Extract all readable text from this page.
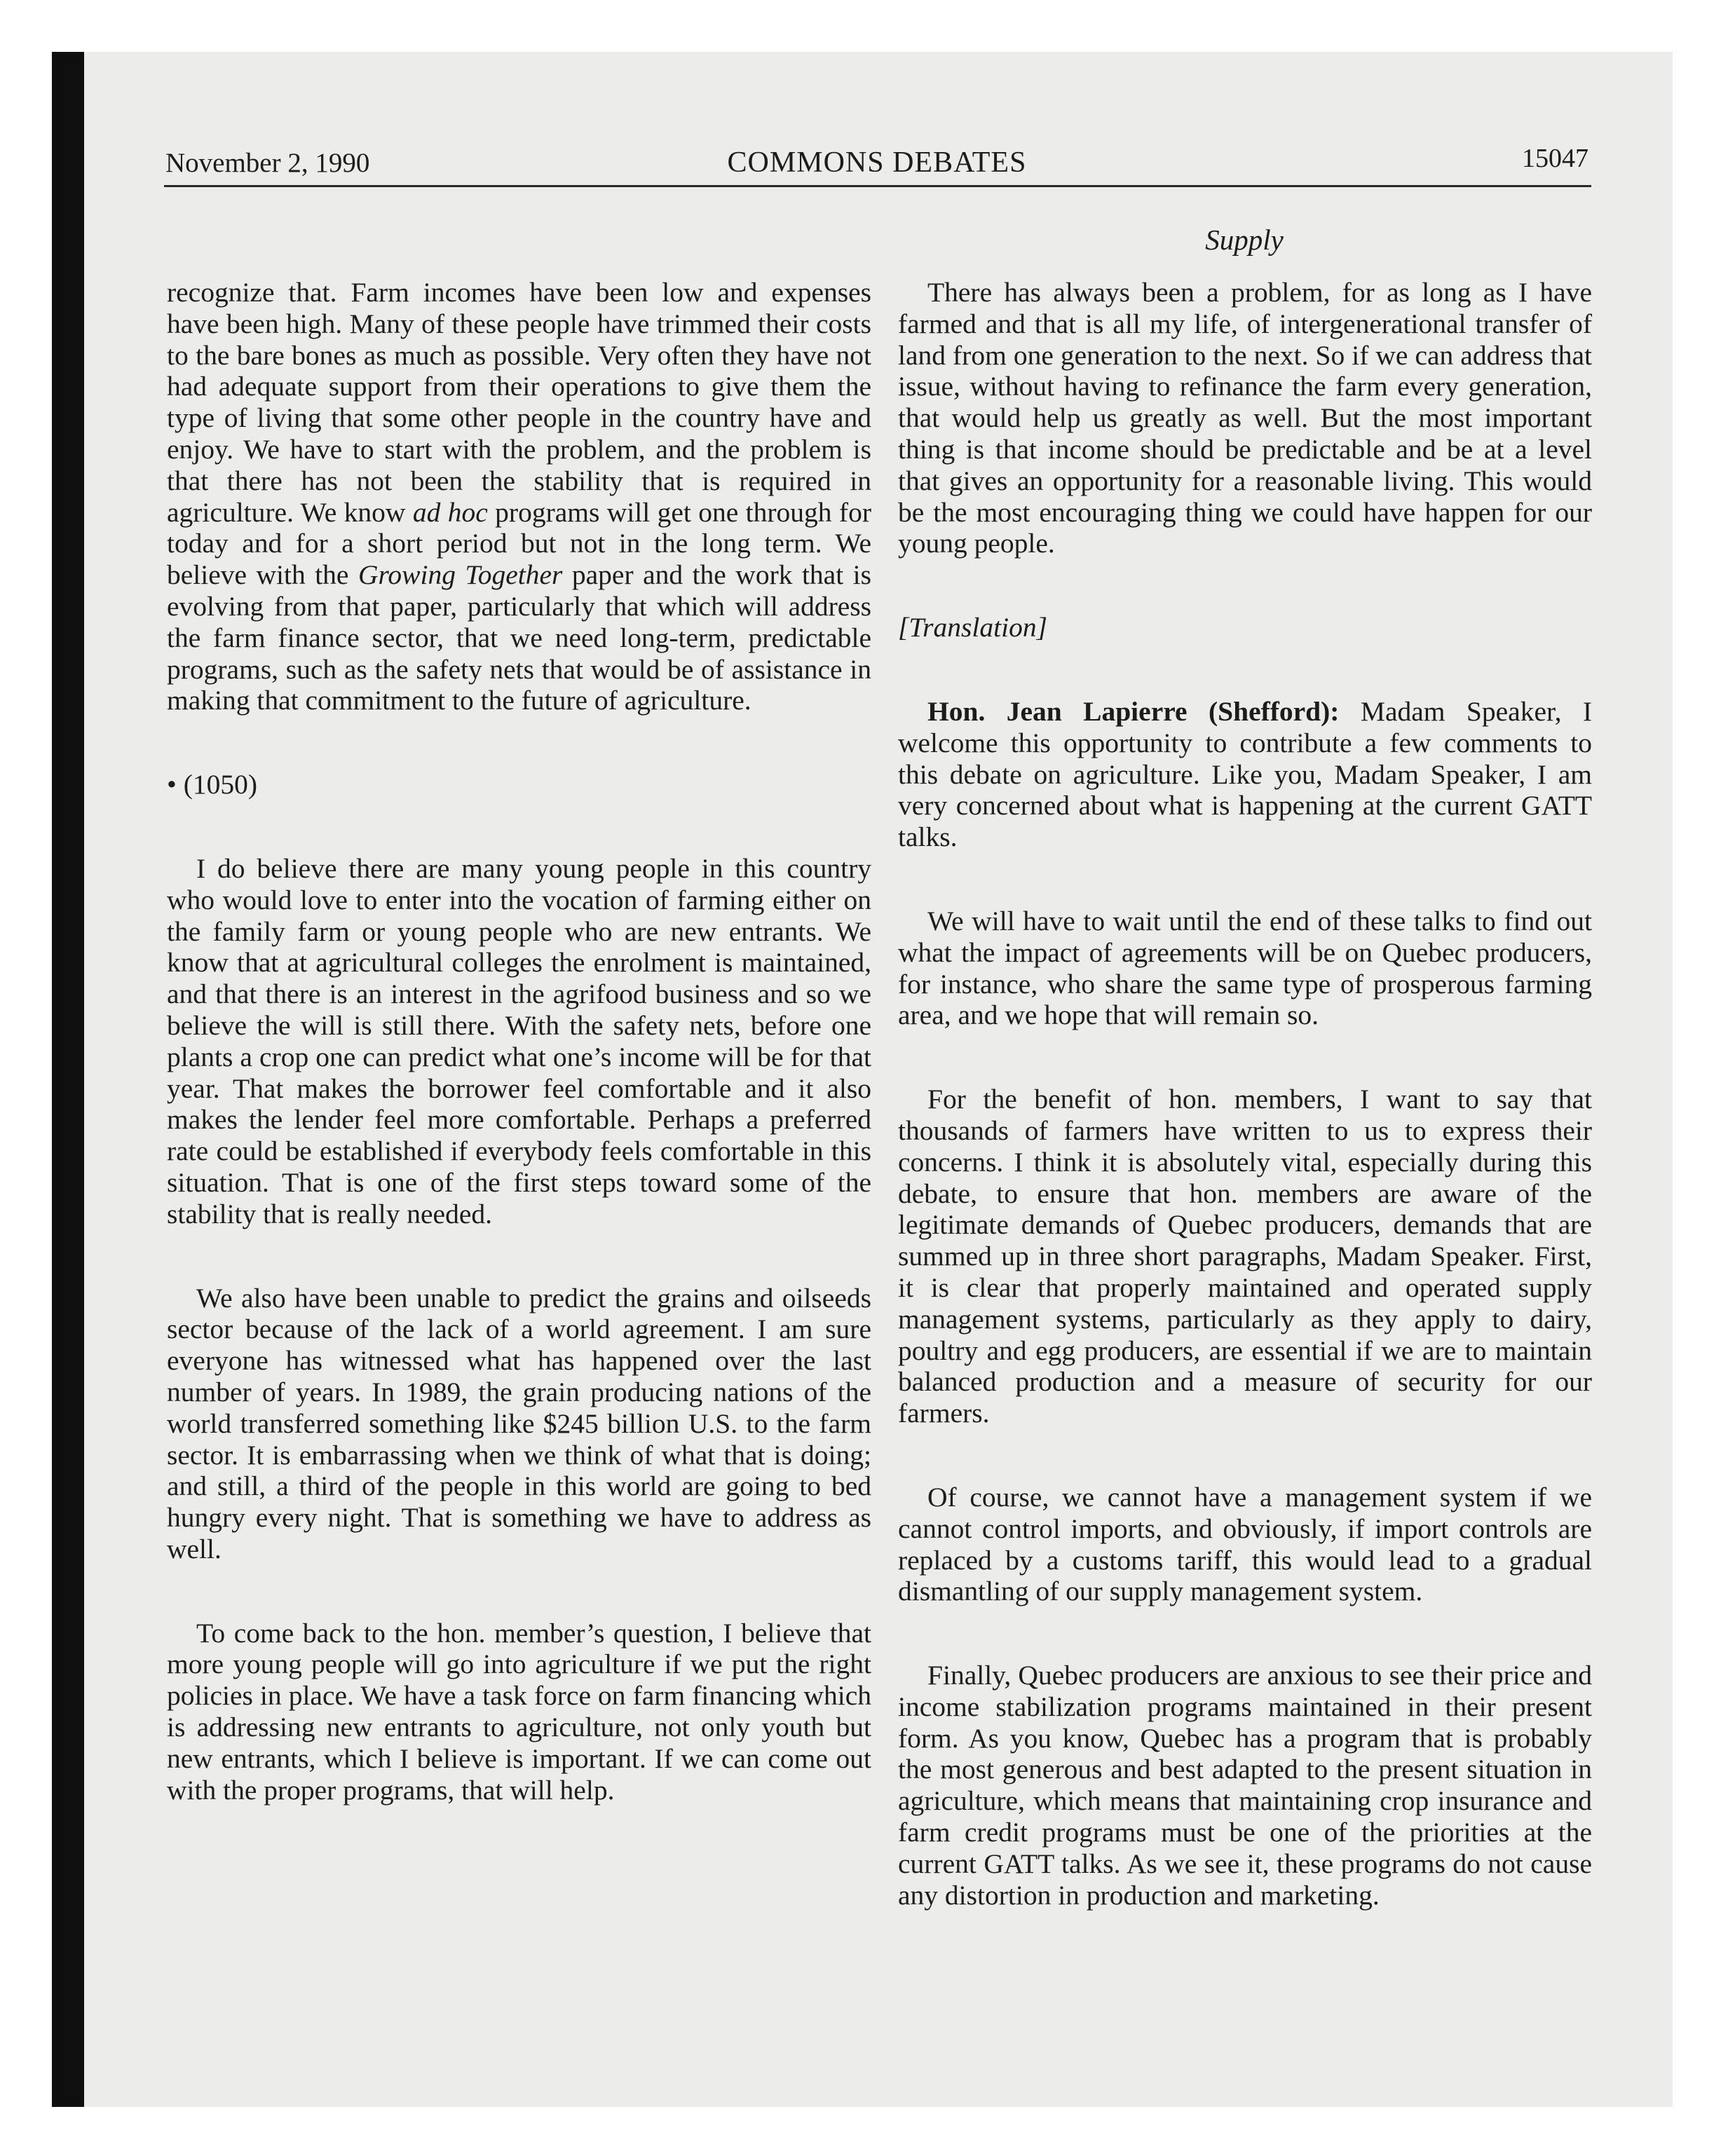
November 2, 1990	COMMONS DEBATES	15047
Supply

recognize that. Farm incomes have been low and expenses have been high. Many of these people have trimmed their costs to the bare bones as much as possible. Very often they have not had adequate support from their operations to give them the type of living that some other people in the country have and enjoy. We have to start with the problem, and the problem is that there has not been the stability that is required in agriculture. We know ad hoc programs will get one through for today and for a short period but not in the long term. We believe with the Growing Together paper and the work that is evolving from that paper, particularly that which will address the farm finance sector, that we need long-term, predictable programs, such as the safety nets that would be of assistance in making that commitment to the future of agriculture.

• (1050)

I do believe there are many young people in this country who would love to enter into the vocation of farming either on the family farm or young people who are new entrants. We know that at agricultural colleges the enrolment is maintained, and that there is an interest in the agrifood business and so we believe the will is still there. With the safety nets, before one plants a crop one can predict what one’s income will be for that year. That makes the borrower feel comfortable and it also makes the lender feel more comfortable. Perhaps a preferred rate could be established if everybody feels comfortable in this situation. That is one of the first steps toward some of the stability that is really needed.

We also have been unable to predict the grains and oilseeds sector because of the lack of a world agreement. I am sure everyone has witnessed what has happened over the last number of years. In 1989, the grain producing nations of the world transferred something like $245 billion U.S. to the farm sector. It is embarrassing when we think of what that is doing; and still, a third of the people in this world are going to bed hungry every night. That is something we have to address as well.

To come back to the hon. member’s question, I believe that more young people will go into agriculture if we put the right policies in place. We have a task force on farm financing which is addressing new entrants to agriculture, not only youth but new entrants, which I believe is important. If we can come out with the proper programs, that will help.

There has always been a problem, for as long as I have farmed and that is all my life, of intergenerational transfer of land from one generation to the next. So if we can address that issue, without having to refinance the farm every generation, that would help us greatly as well. But the most important thing is that income should be predictable and be at a level that gives an opportunity for a reasonable living. This would be the most encouraging thing we could have happen for our young people.

[Translation]

Hon. Jean Lapierre (Shefford): Madam Speaker, I welcome this opportunity to contribute a few comments to this debate on agriculture. Like you, Madam Speaker, I am very concerned about what is happening at the current GATT talks.

We will have to wait until the end of these talks to find out what the impact of agreements will be on Quebec producers, for instance, who share the same type of prosperous farming area, and we hope that will remain so.

For the benefit of hon. members, I want to say that thousands of farmers have written to us to express their concerns. I think it is absolutely vital, especially during this debate, to ensure that hon. members are aware of the legitimate demands of Quebec producers, demands that are summed up in three short paragraphs, Madam Speaker. First, it is clear that properly maintained and operated supply management systems, particularly as they apply to dairy, poultry and egg producers, are essential if we are to maintain balanced production and a measure of security for our farmers.

Of course, we cannot have a management system if we cannot control imports, and obviously, if import controls are replaced by a customs tariff, this would lead to a gradual dismantling of our supply management system.

Finally, Quebec producers are anxious to see their price and income stabilization programs maintained in their present form. As you know, Quebec has a program that is probably the most generous and best adapted to the present situation in agriculture, which means that maintaining crop insurance and farm credit programs must be one of the priorities at the current GATT talks. As we see it, these programs do not cause any distortion in production and marketing.
